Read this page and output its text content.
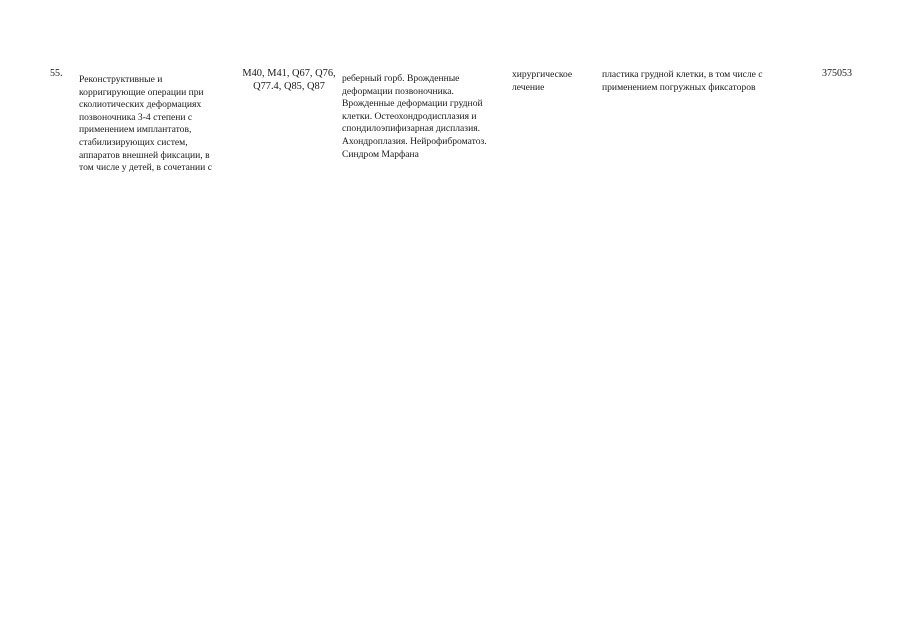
55.
Реконструктивные и
корригирующие операции при
сколиотических деформациях
позвоночника 3-4 степени с
применением имплантатов,
стабилизирующих систем,
аппаратов внешней фиксации, в
том числе у детей, в сочетании с
M40, M41, Q67, Q76,
Q77.4, Q85, Q87
реберный горб. Врожденные
деформации позвоночника.
Врожденные деформации грудной
клетки. Остеохондродисплазия и
спондилоэпифизарная дисплазия.
Ахондроплазия. Нейрофиброматоз.
Синдром Марфана
хирургическое
лечение
пластика грудной клетки, в том числе с
применением погружных фиксаторов
375053
